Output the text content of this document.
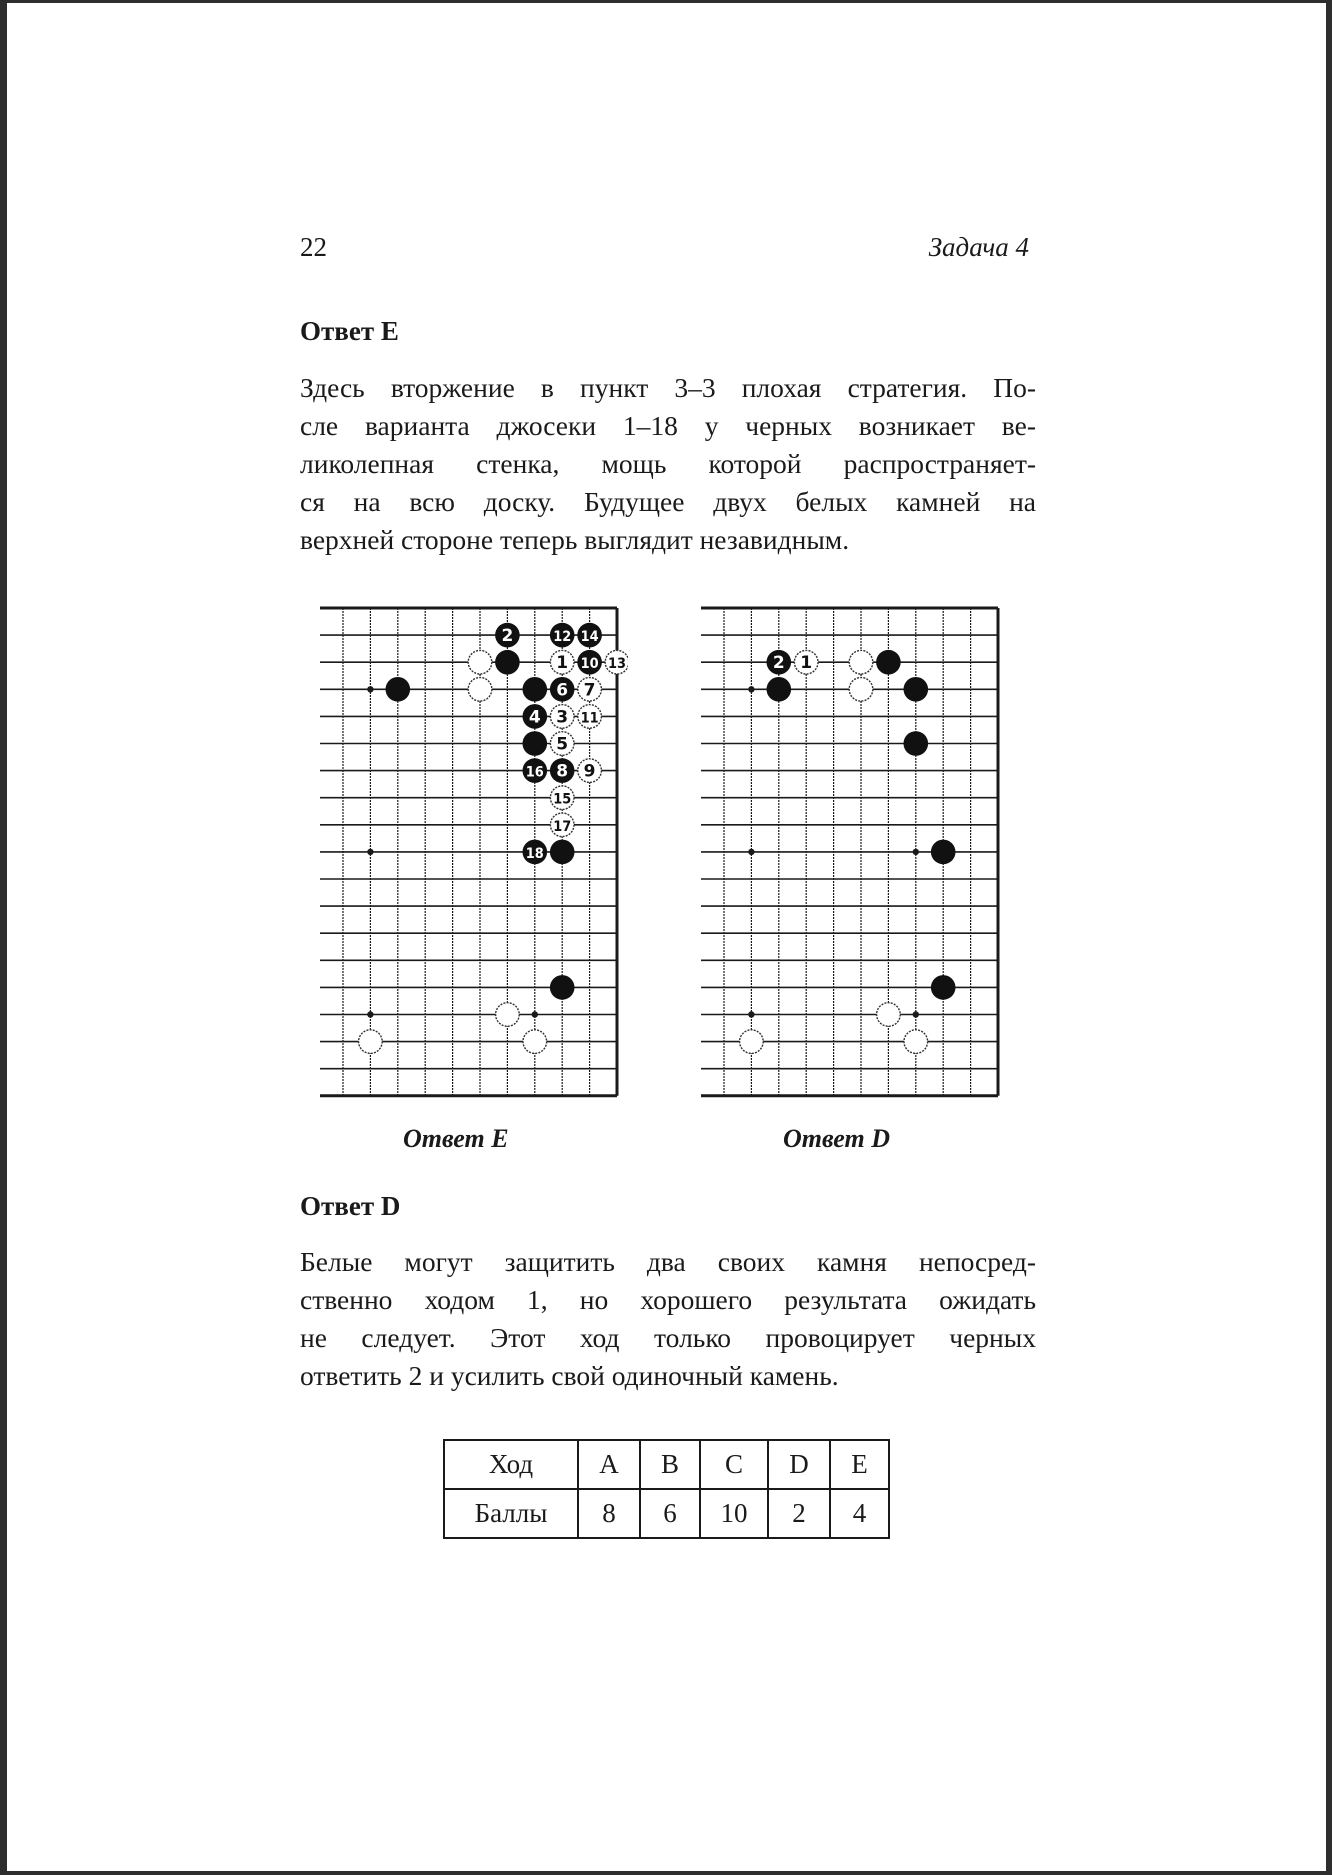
22	Задача 4
Ответ E
Здесь вторжение в пункт 3–3 плохая стратегия. По-
сле варианта джосеки 1–18 у черных возникает ве-
ликолепная стенка, мощь которой распространяет-
ся на всю доску. Будущее двух белых камней на
верхней стороне теперь выглядит незавидным.
2	12 14
1 10 13
6 7
4 3 11
5
16 8 9
15
17
18
2 1
Ответ E	Ответ D
Ответ D
Белые могут защитить два своих камня непосред-
ственно ходом 1, но хорошего результата ожидать
не следует. Этот ход только провоцирует черных
ответить 2 и усилить свой одиночный камень.
Ход	A	B	C	D	E
Баллы	8	6	10	2	4
